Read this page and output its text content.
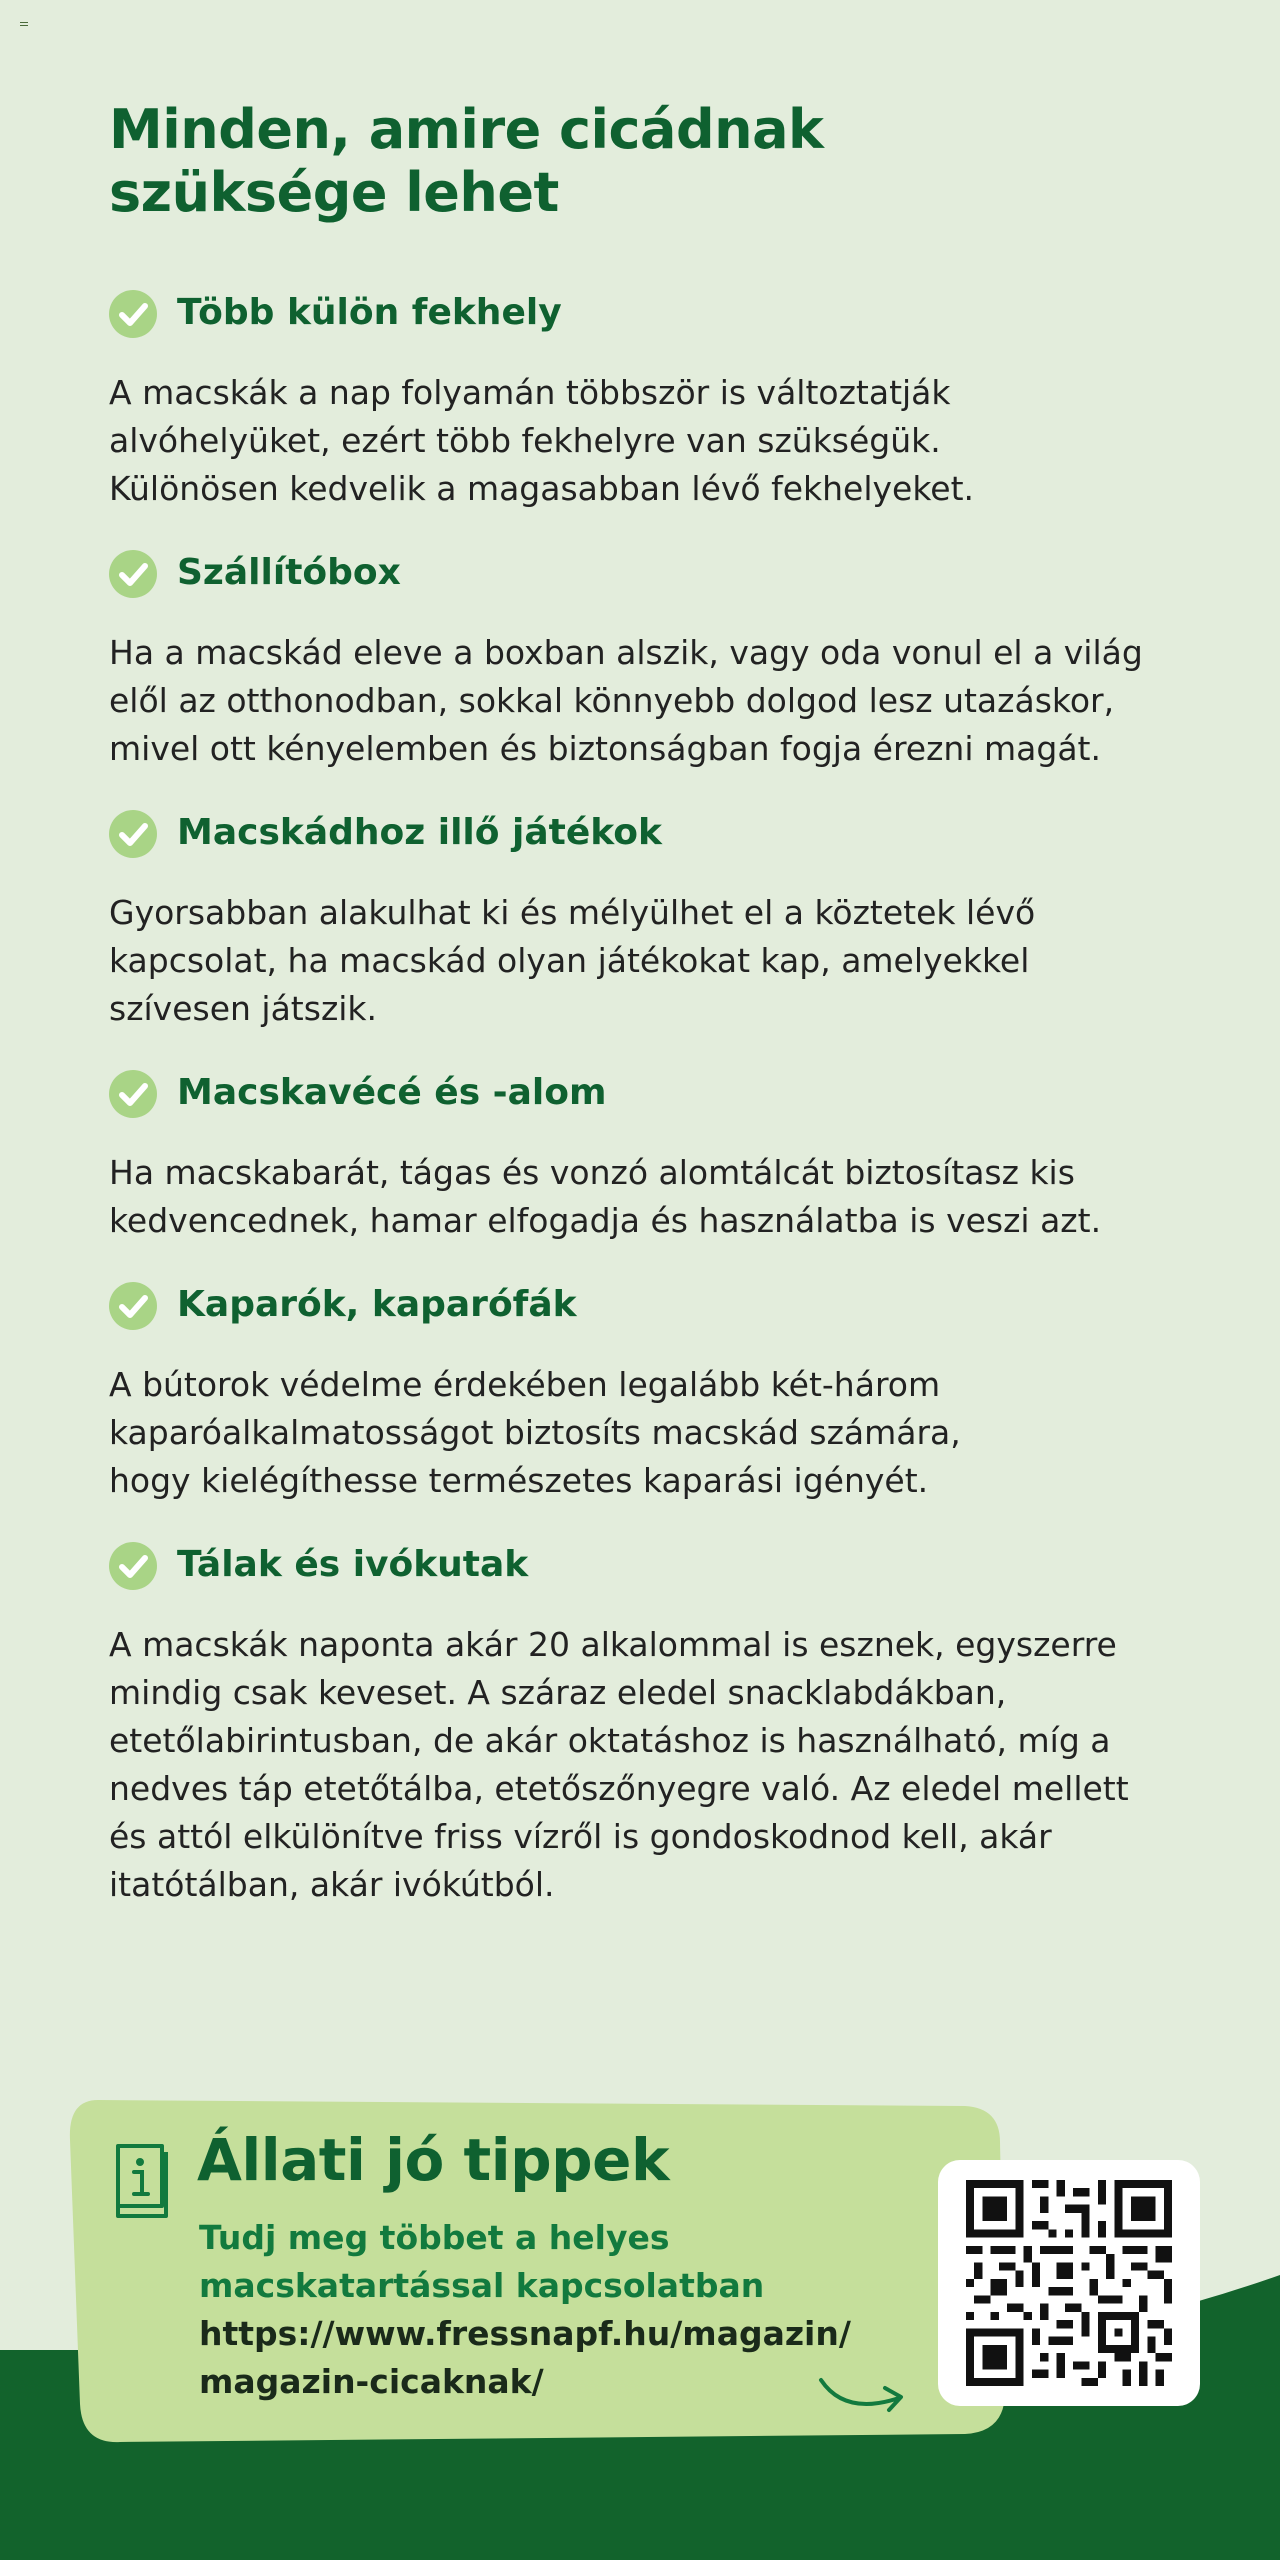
Minden, amire cicádnak
szüksége lehet
Több külön fekhely

A macskák a nap folyamán többször is változtatják
alvóhelyüket, ezért több fekhelyre van szükségük.
Különösen kedvelik a magasabban lévő fekhelyeket.

Szállítóbox

Ha a macskád eleve a boxban alszik, vagy oda vonul el a világ
elől az otthonodban, sokkal könnyebb dolgod lesz utazáskor,
mivel ott kényelemben és biztonságban fogja érezni magát.

Macskádhoz illő játékok

Gyorsabban alakulhat ki és mélyülhet el a köztetek lévő
kapcsolat, ha macskád olyan játékokat kap, amelyekkel
szívesen játszik.

Macskavécé és -alom

Ha macskabarát, tágas és vonzó alomtálcát biztosítasz kis
kedvencednek, hamar elfogadja és használatba is veszi azt.

Kaparók, kaparófák

A bútorok védelme érdekében legalább két-három
kaparóalkalmatosságot biztosíts macskád számára,
hogy kielégíthesse természetes kaparási igényét.

Tálak és ivókutak

A macskák naponta akár 20 alkalommal is esznek, egyszerre
mindig csak keveset. A száraz eledel snacklabdákban,
etetőlabirintusban, de akár oktatáshoz is használható, míg a
nedves táp etetőtálba, etetőszőnyegre való. Az eledel mellett
és attól elkülönítve friss vízről is gondoskodnod kell, akár
itatótálban, akár ivókútból.

Állati jó tippek
Tudj meg többet a helyes
macskatartással kapcsolatban
https://www.fressnapf.hu/magazin/
magazin-cicaknak/
